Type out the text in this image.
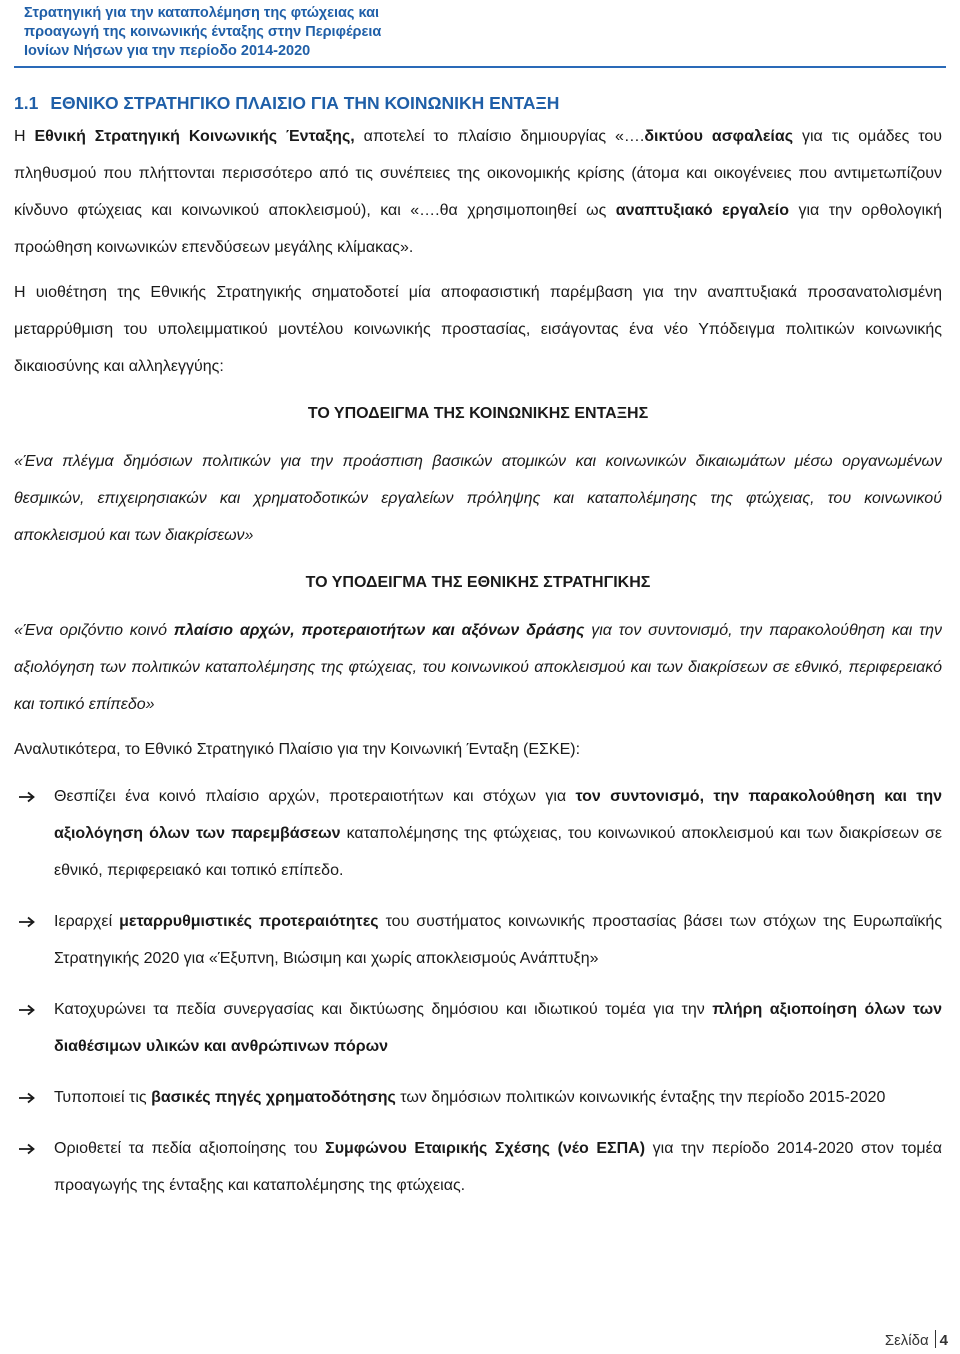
Στρατηγική για την καταπολέμηση της φτώχειας και
προαγωγή της κοινωνικής ένταξης στην Περιφέρεια
Ιονίων Νήσων για την περίοδο 2014-2020
1.1 ΕΘΝΙΚΟ ΣΤΡΑΤΗΓΙΚΟ ΠΛΑΙΣΙΟ ΓΙΑ ΤΗΝ ΚΟΙΝΩΝΙΚΗ ΕΝΤΑΞΗ

Η Εθνική Στρατηγική Κοινωνικής Ένταξης, αποτελεί το πλαίσιο δημιουργίας «….δικτύου ασφαλείας για τις ομάδες του πληθυσμού που πλήττονται περισσότερο από τις συνέπειες της οικονομικής κρίσης (άτομα και οικογένειες που αντιμετωπίζουν κίνδυνο φτώχειας και κοινωνικού αποκλεισμού), και «….θα χρησιμοποιηθεί ως αναπτυξιακό εργαλείο για την ορθολογική προώθηση κοινωνικών επενδύσεων μεγάλης κλίμακας».

Η υιοθέτηση της Εθνικής Στρατηγικής σηματοδοτεί μία αποφασιστική παρέμβαση για την αναπτυξιακά προσανατολισμένη μεταρρύθμιση του υπολειμματικού μοντέλου κοινωνικής προστασίας, εισάγοντας ένα νέο Υπόδειγμα πολιτικών κοινωνικής δικαιοσύνης και αλληλεγγύης:

ΤΟ ΥΠΟΔΕΙΓΜΑ ΤΗΣ ΚΟΙΝΩΝΙΚΗΣ ΕΝΤΑΞΗΣ

«Ένα πλέγμα δημόσιων πολιτικών για την προάσπιση βασικών ατομικών και κοινωνικών δικαιωμάτων μέσω οργανωμένων θεσμικών, επιχειρησιακών και χρηματοδοτικών εργαλείων πρόληψης και καταπολέμησης της φτώχειας, του κοινωνικού αποκλεισμού και των διακρίσεων»

ΤΟ ΥΠΟΔΕΙΓΜΑ ΤΗΣ ΕΘΝΙΚΗΣ ΣΤΡΑΤΗΓΙΚΗΣ

«Ένα οριζόντιο κοινό πλαίσιο αρχών, προτεραιοτήτων και αξόνων δράσης για τον συντονισμό, την παρακολούθηση και την αξιολόγηση των πολιτικών καταπολέμησης της φτώχειας, του κοινωνικού αποκλεισμού και των διακρίσεων σε εθνικό, περιφερειακό και τοπικό επίπεδο»

Αναλυτικότερα, το Εθνικό Στρατηγικό Πλαίσιο για την Κοινωνική Ένταξη (ΕΣΚΕ):

Θεσπίζει ένα κοινό πλαίσιο αρχών, προτεραιοτήτων και στόχων για τον συντονισμό, την παρακολούθηση και την αξιολόγηση όλων των παρεμβάσεων καταπολέμησης της φτώχειας, του κοινωνικού αποκλεισμού και των διακρίσεων σε εθνικό, περιφερειακό και τοπικό επίπεδο.

Ιεραρχεί μεταρρυθμιστικές προτεραιότητες του συστήματος κοινωνικής προστασίας βάσει των στόχων της Ευρωπαϊκής Στρατηγικής 2020 για «Έξυπνη, Βιώσιμη και χωρίς αποκλεισμούς Ανάπτυξη»

Κατοχυρώνει τα πεδία συνεργασίας και δικτύωσης δημόσιου και ιδιωτικού τομέα για την πλήρη αξιοποίηση όλων των διαθέσιμων υλικών και ανθρώπινων πόρων

Τυποποιεί τις βασικές πηγές χρηματοδότησης των δημόσιων πολιτικών κοινωνικής ένταξης την περίοδο 2015-2020

Οριοθετεί τα πεδία αξιοποίησης του Συμφώνου Εταιρικής Σχέσης (νέο ΕΣΠΑ) για την περίοδο 2014-2020 στον τομέα προαγωγής της ένταξης και καταπολέμησης της φτώχειας.

Σελίδα 4
